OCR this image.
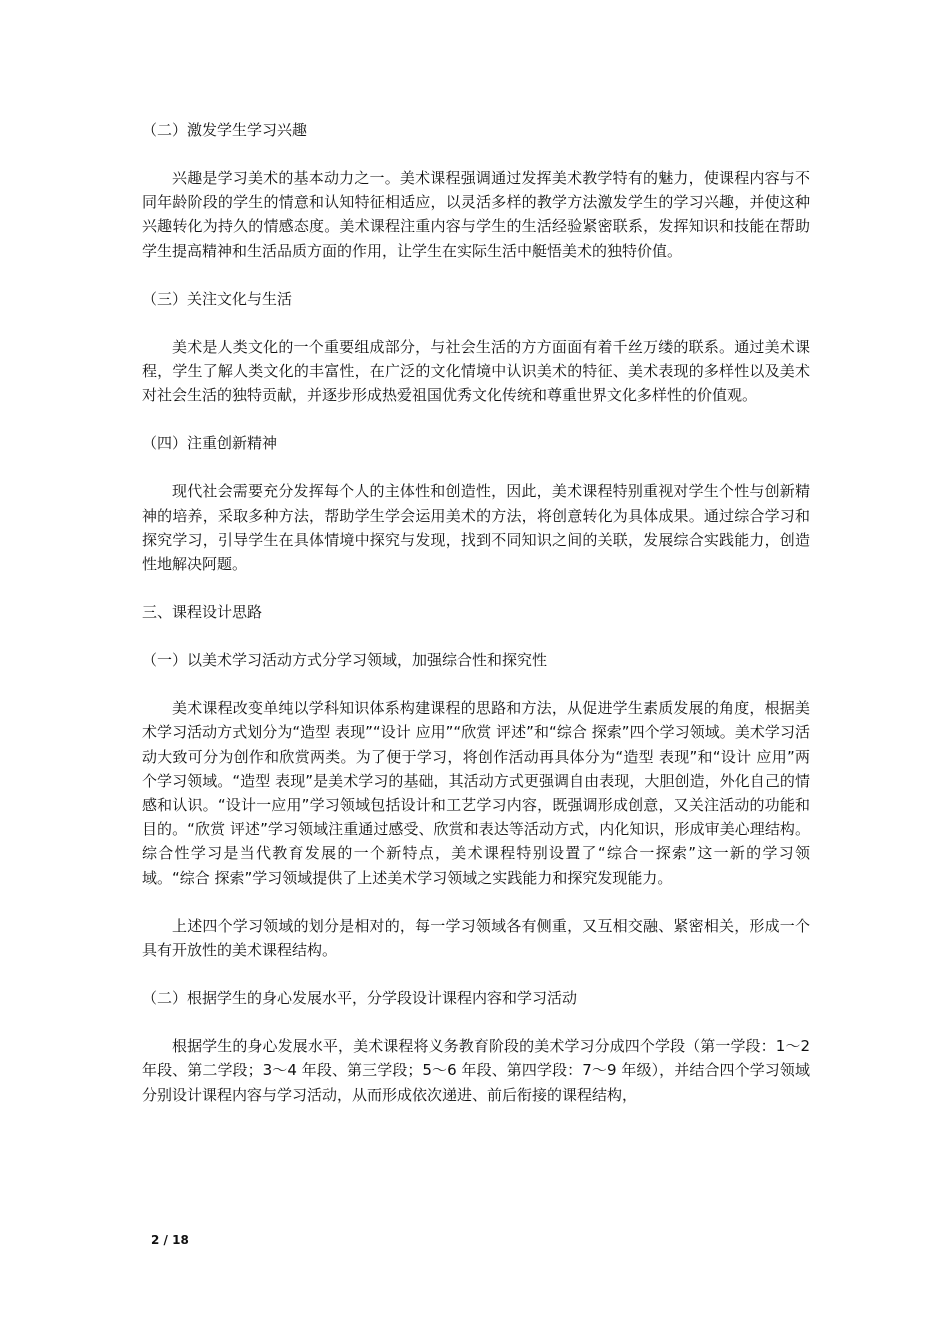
（二）激发学生学习兴趣

兴趣是学习美术的基本动力之一。美术课程强调通过发挥美术教学特有的魅力，使课程内容与不同年龄阶段的学生的情意和认知特征相适应，以灵活多样的教学方法激发学生的学习兴趣，并使这种兴趣转化为持久的情感态度。美术课程注重内容与学生的生活经验紧密联系，发挥知识和技能在帮助学生提高精神和生活品质方面的作用，让学生在实际生活中艇悟美术的独特价值。

（三）关注文化与生活

美术是人类文化的一个重要组成部分，与社会生活的方方面面有着千丝万缕的联系。通过美术课程，学生了解人类文化的丰富性，在广泛的文化情境中认识美术的特征、美术表现的多样性以及美术对社会生活的独特贡献，并逐步形成热爱祖国优秀文化传统和尊重世界文化多样性的价值观。

（四）注重创新精神

现代社会需要充分发挥每个人的主体性和创造性，因此，美术课程特别重视对学生个性与创新精神的培养，采取多种方法，帮助学生学会运用美术的方法，将创意转化为具体成果。通过综合学习和探究学习，引导学生在具体情境中探究与发现，找到不同知识之间的关联，发展综合实践能力，创造性地解决阿题。

三、课程设计思路
（一）以美术学习活动方式分学习领域，加强综合性和探究性

美术课程改变单纯以学科知识体系构建课程的思路和方法，从促进学生素质发展的角度，根据美术学习活动方式划分为“造型 表现”“设计 应用”“欣赏 评述”和“综合 探索”四个学习领域。美术学习活动大致可分为创作和欣赏两类。为了便于学习，将创作活动再具体分为“造型 表现”和“设计 应用”两个学习领域。“造型 表现”是美术学习的基础，其活动方式更强调自由表现，大胆创造，外化自己的情感和认识。“设计一应用”学习领域包括设计和工艺学习内容，既强调形成创意，又关注活动的功能和目的。“欣赏 评述”学习领域注重通过感受、欣赏和表达等活动方式，内化知识，形成审美心理结构。 综合性学习是当代教育发展的一个新特点，美术课程特别设置了“综合一探索”这一新的学习领域。“综合 探索”学习领域提供了上述美术学习领域之实践能力和探究发现能力。

上述四个学习领域的划分是相对的，每一学习领域各有侧重，又互相交融、紧密相关，形成一个具有开放性的美术课程结构。

（二）根据学生的身心发展水平，分学段设计课程内容和学习活动

根据学生的身心发展水平，美术课程将义务教育阶段的美术学习分成四个学段（第一学段：1～2 年段、第二学段；3～4 年段、第三学段；5～6 年段、第四学段：7～9 年级），并结合四个学习领域分别设计课程内容与学习活动，从而形成依次递进、前后衔接的课程结构，

2 / 18
